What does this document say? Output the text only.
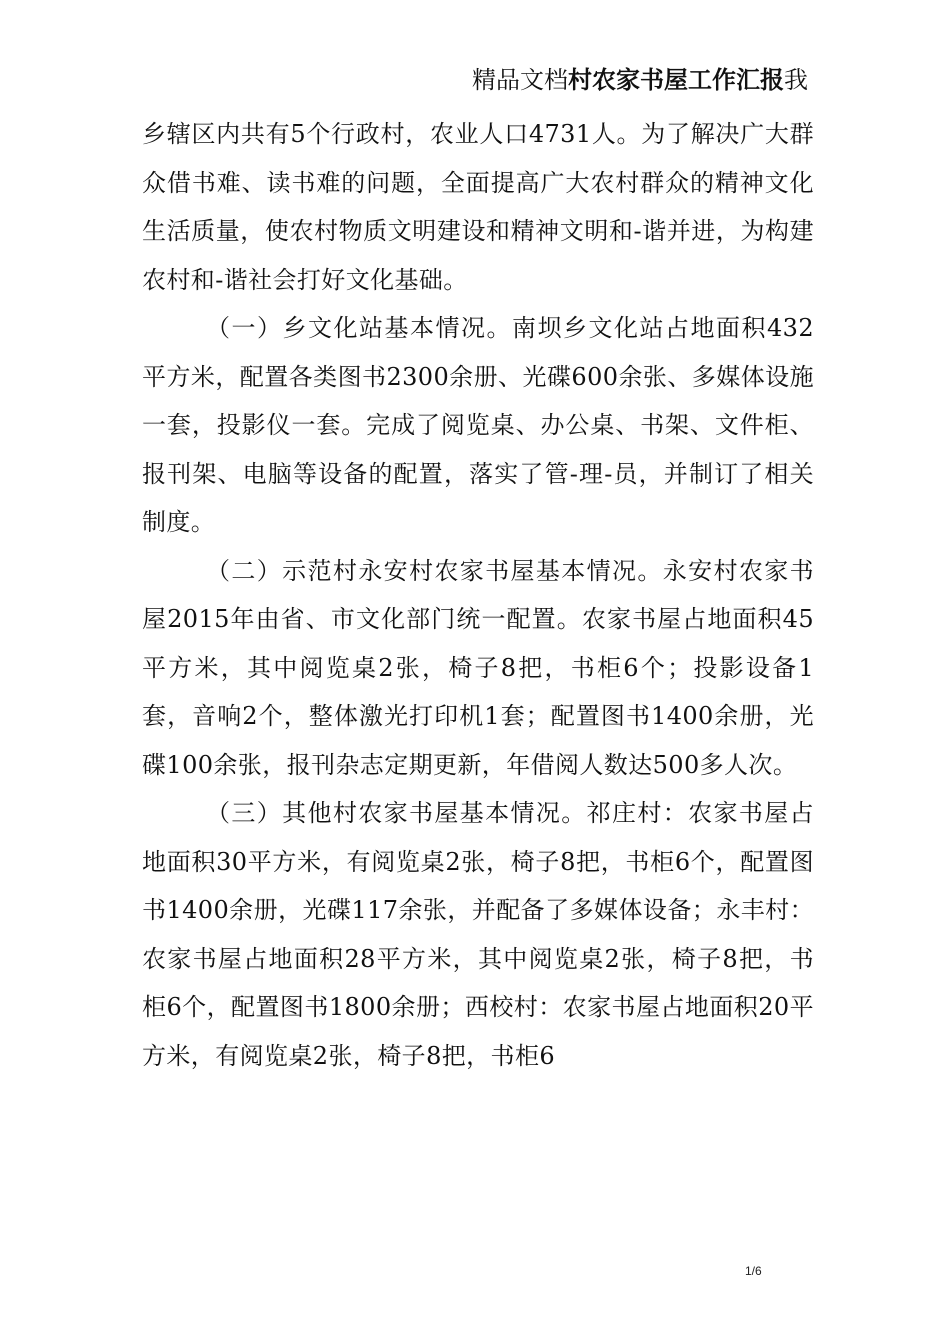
精品文档村农家书屋工作汇报我

乡辖区内共有5个行政村，农业人口4731人。为了解决广大群众借书难、读书难的问题，全面提高广大农村群众的精神文化生活质量，使农村物质文明建设和精神文明和-谐并进，为构建农村和-谐社会打好文化基础。

（一）乡文化站基本情况。南坝乡文化站占地面积432平方米，配置各类图书2300余册、光碟600余张、多媒体设施一套，投影仪一套。完成了阅览桌、办公桌、书架、文件柜、报刊架、电脑等设备的配置，落实了管-理-员，并制订了相关制度。

（二）示范村永安村农家书屋基本情况。永安村农家书屋2015年由省、市文化部门统一配置。农家书屋占地面积45平方米，其中阅览桌2张，椅子8把，书柜6个；投影设备1套，音响2个，整体激光打印机1套；配置图书1400余册，光碟100余张，报刊杂志定期更新，年借阅人数达500多人次。

（三）其他村农家书屋基本情况。祁庄村：农家书屋占地面积30平方米，有阅览桌2张，椅子8把，书柜6个，配置图书1400余册，光碟117余张，并配备了多媒体设备；永丰村：农家书屋占地面积28平方米，其中阅览桌2张，椅子8把，书柜6个，配置图书1800余册；西校村：农家书屋占地面积20平方米，有阅览桌2张，椅子8把，书柜6

1/6
